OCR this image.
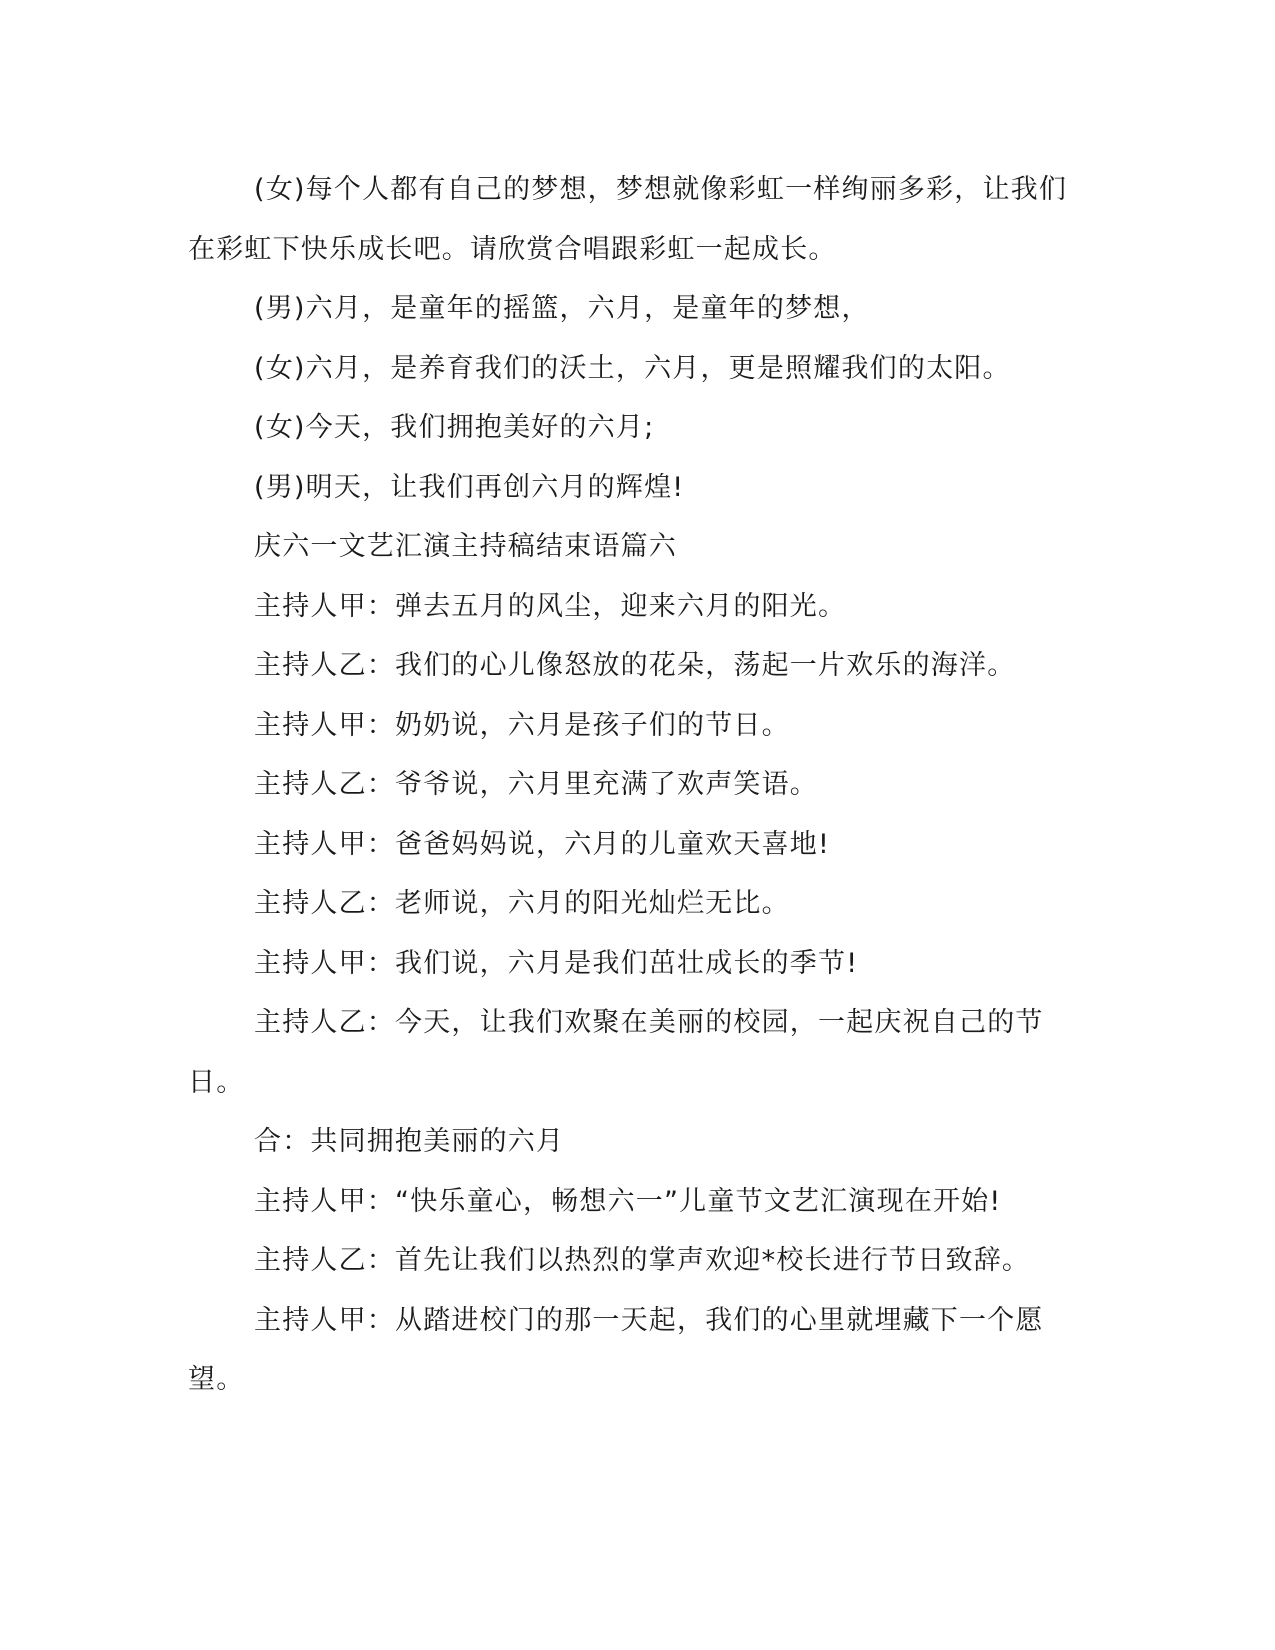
(女)每个人都有自己的梦想，梦想就像彩虹一样绚丽多彩，让我们在彩虹下快乐成长吧。请欣赏合唱跟彩虹一起成长。

(男)六月，是童年的摇篮，六月，是童年的梦想，

(女)六月，是养育我们的沃土，六月，更是照耀我们的太阳。

(女)今天，我们拥抱美好的六月;

(男)明天，让我们再创六月的辉煌!

庆六一文艺汇演主持稿结束语篇六

主持人甲：弹去五月的风尘，迎来六月的阳光。

主持人乙：我们的心儿像怒放的花朵，荡起一片欢乐的海洋。

主持人甲：奶奶说，六月是孩子们的节日。

主持人乙：爷爷说，六月里充满了欢声笑语。

主持人甲：爸爸妈妈说，六月的儿童欢天喜地!

主持人乙：老师说，六月的阳光灿烂无比。

主持人甲：我们说，六月是我们茁壮成长的季节!

主持人乙：今天，让我们欢聚在美丽的校园，一起庆祝自己的节日。

合：共同拥抱美丽的六月

主持人甲：“快乐童心，畅想六一”儿童节文艺汇演现在开始!

主持人乙：首先让我们以热烈的掌声欢迎*校长进行节日致辞。

主持人甲：从踏进校门的那一天起，我们的心里就埋藏下一个愿望。
